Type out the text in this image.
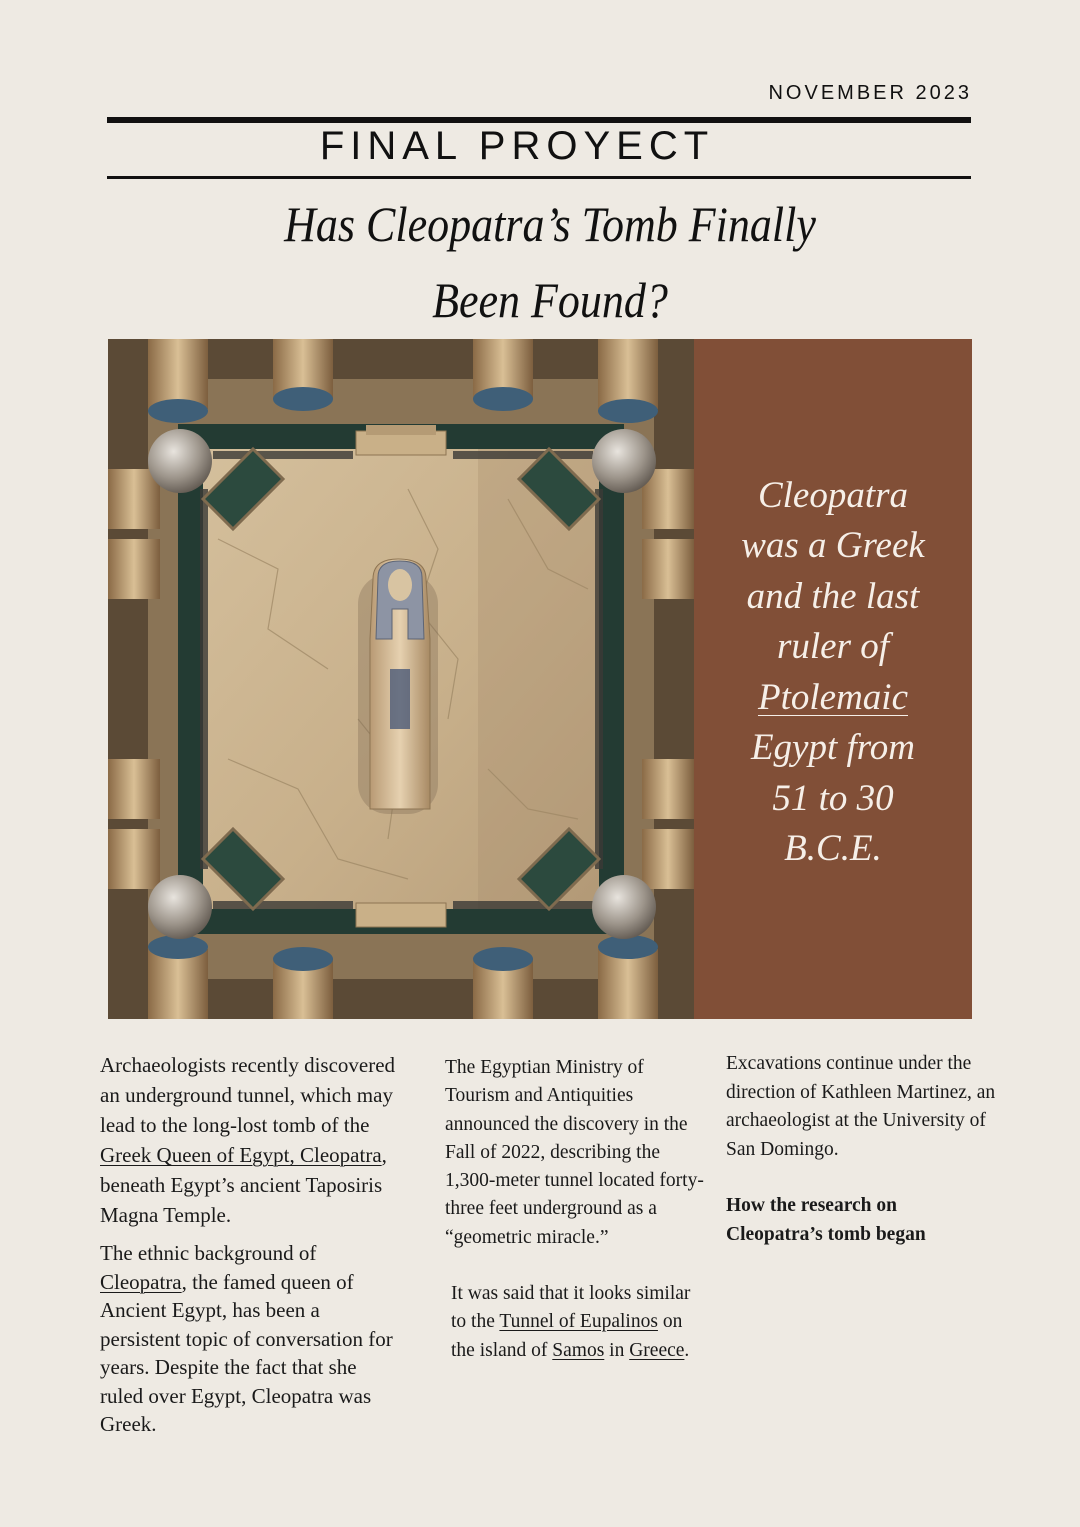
NOVEMBER 2023
FINAL PROYECT
Has Cleopatra’s Tomb Finally
Been Found?
Cleopatra
was a Greek
and the last
ruler of
Ptolemaic
Egypt from
51 to 30
B.C.E.

Archaeologists recently discovered an underground tunnel, which may lead to the long-lost tomb of the Greek Queen of Egypt, Cleopatra, beneath Egypt’s ancient Taposiris Magna Temple.

The ethnic background of Cleopatra, the famed queen of Ancient Egypt, has been a persistent topic of conversation for years. Despite the fact that she ruled over Egypt, Cleopatra was Greek.

The Egyptian Ministry of Tourism and Antiquities announced the discovery in the Fall of 2022, describing the 1,300-meter tunnel located forty-three feet underground as a “geometric miracle.”

It was said that it looks similar to the Tunnel of Eupalinos on the island of Samos in Greece.

Excavations continue under the direction of Kathleen Martinez, an archaeologist at the University of San Domingo.

How the research on Cleopatra’s tomb began
